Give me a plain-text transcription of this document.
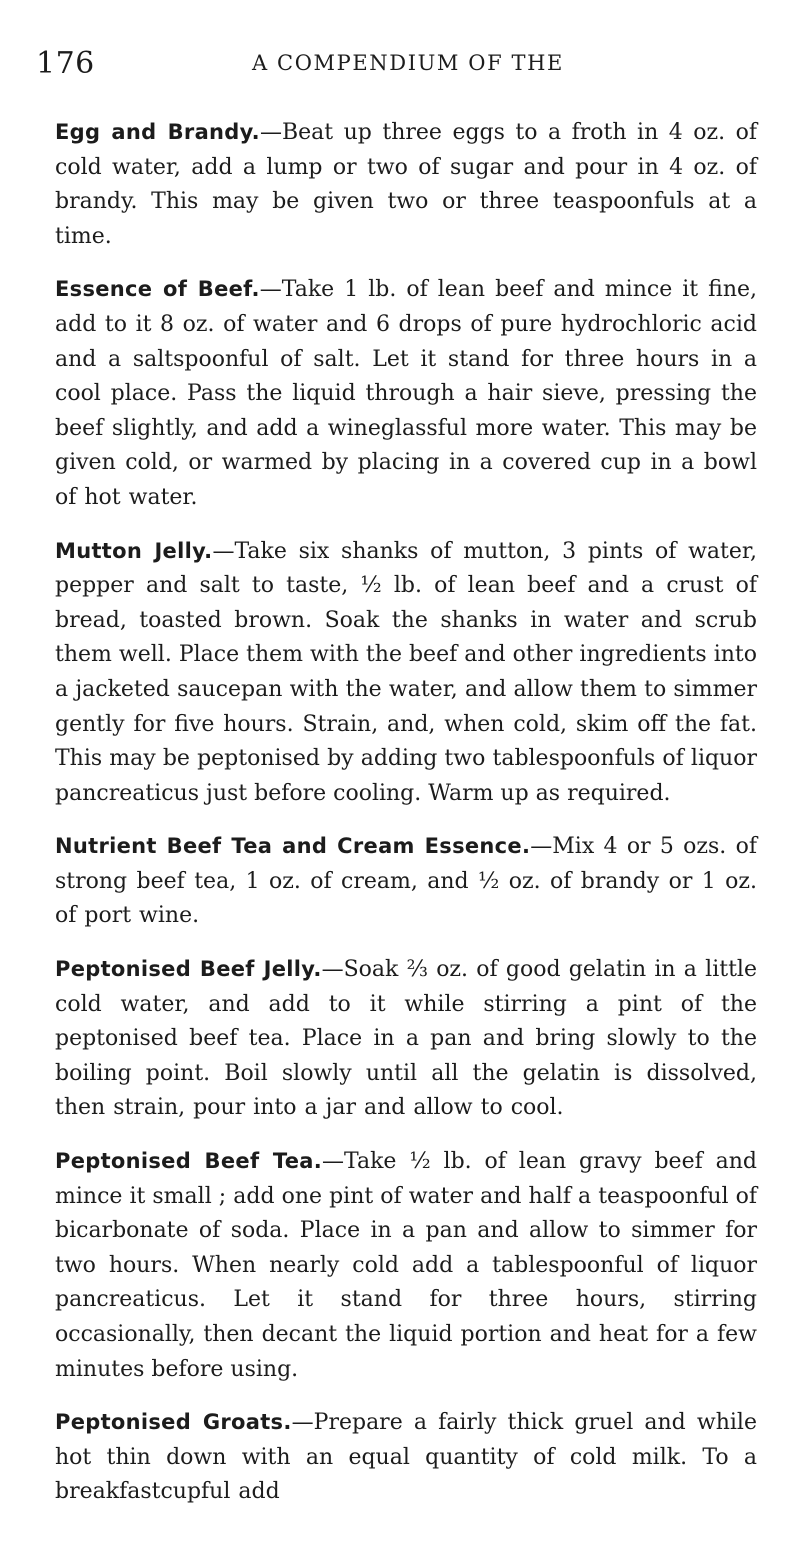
176	A COMPENDIUM OF THE

Egg and Brandy.—Beat up three eggs to a froth in 4 oz. of cold water, add a lump or two of sugar and pour in 4 oz. of brandy. This may be given two or three teaspoonfuls at a time.

Essence of Beef.—Take 1 lb. of lean beef and mince it fine, add to it 8 oz. of water and 6 drops of pure hydrochloric acid and a saltspoonful of salt. Let it stand for three hours in a cool place. Pass the liquid through a hair sieve, pressing the beef slightly, and add a wineglassful more water. This may be given cold, or warmed by placing in a covered cup in a bowl of hot water.

Mutton Jelly.—Take six shanks of mutton, 3 pints of water, pepper and salt to taste, ½ lb. of lean beef and a crust of bread, toasted brown. Soak the shanks in water and scrub them well. Place them with the beef and other ingredients into a jacketed saucepan with the water, and allow them to simmer gently for five hours. Strain, and, when cold, skim off the fat. This may be peptonised by adding two tablespoonfuls of liquor pancreaticus just before cooling. Warm up as required.

Nutrient Beef Tea and Cream Essence.—Mix 4 or 5 ozs. of strong beef tea, 1 oz. of cream, and ½ oz. of brandy or 1 oz. of port wine.

Peptonised Beef Jelly.—Soak ⅔ oz. of good gelatin in a little cold water, and add to it while stirring a pint of the peptonised beef tea. Place in a pan and bring slowly to the boiling point. Boil slowly until all the gelatin is dissolved, then strain, pour into a jar and allow to cool.

Peptonised Beef Tea.—Take ½ lb. of lean gravy beef and mince it small ; add one pint of water and half a teaspoonful of bicarbonate of soda. Place in a pan and allow to simmer for two hours. When nearly cold add a tablespoonful of liquor pancreaticus. Let it stand for three hours, stirring occasionally, then decant the liquid portion and heat for a few minutes before using.

Peptonised Groats.—Prepare a fairly thick gruel and while hot thin down with an equal quantity of cold milk. To a breakfastcupful add
